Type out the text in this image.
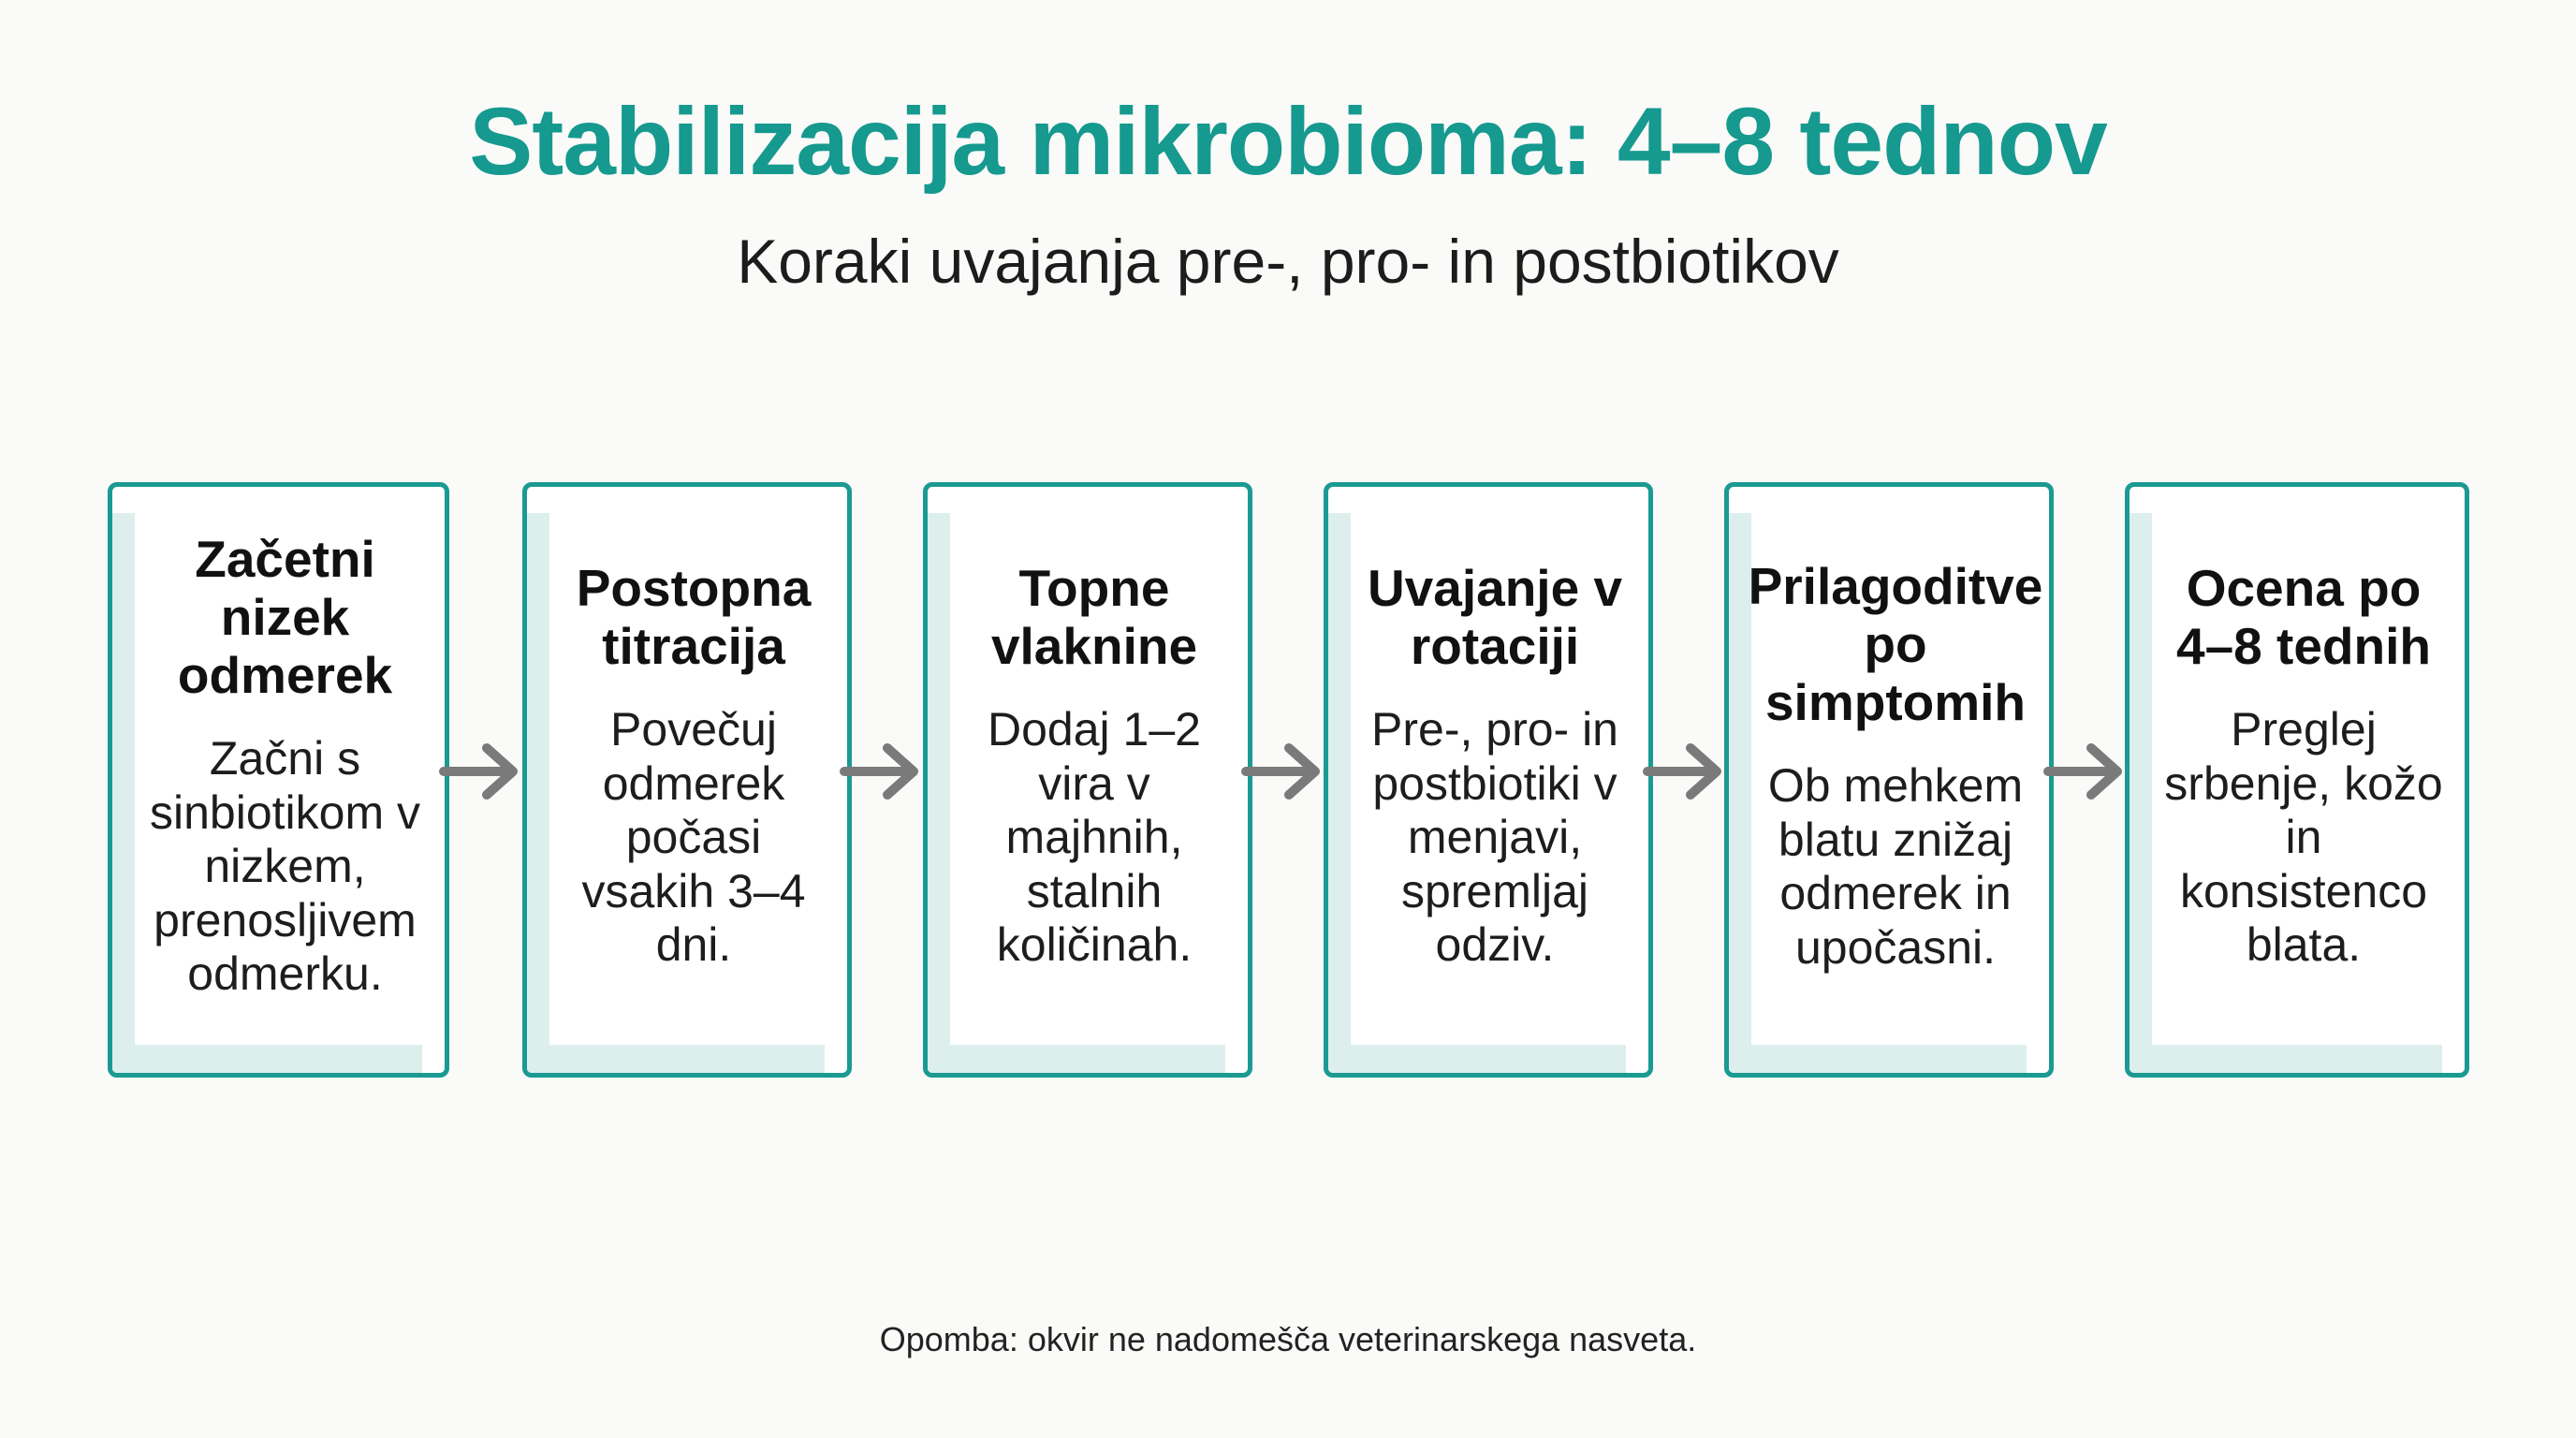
Stabilizacija mikrobioma: 4–8 tednov
Koraki uvajanja pre-, pro- in postbiotikov
Začetni nizek odmerek
Začni s sinbiotikom v nizkem, prenosljivem odmerku.
Postopna titracija
Povečuj odmerek počasi vsakih 3–4 dni.
Topne vlaknine
Dodaj 1–2 vira v majhnih, stalnih količinah.
Uvajanje v rotaciji
Pre-, pro- in postbiotiki v menjavi, spremljaj odziv.
Prilagoditve po simptomih
Ob mehkem blatu znižaj odmerek in upočasni.
Ocena po 4–8 tednih
Preglej srbenje, kožo in konsistenco blata.
Opomba: okvir ne nadomešča veterinarskega nasveta.
